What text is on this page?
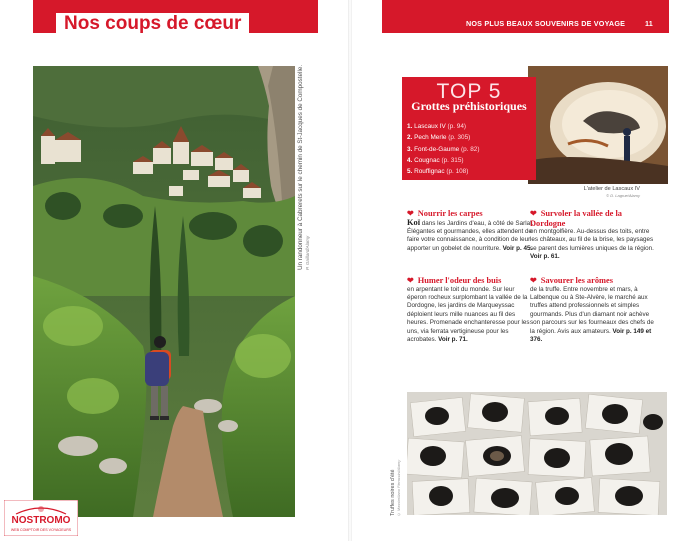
Nos coups de cœur
Un randonneur à Cabrerets sur le chemin de St-Jacques de Compostelle.
P. Gaillard/Alamy
NOSTROMO
WEB COMPTOIR DES VOYAGEURS
NOS PLUS BEAUX SOUVENIRS DE VOYAGE	11
TOP 5
Grottes préhistoriques
1. Lascaux IV (p. 94)
2. Pech Merle (p. 305)
3. Font-de-Gaume (p. 82)
4. Cougnac (p. 315)
5. Rouffignac (p. 108)
L'atelier de Lascaux IV
© D. Lagrue/Alamy
❤ Nourrir les carpes
Koï dans les Jardins d'eau, à côté de Sarlat. Élégantes et gourmandes, elles attendent de faire votre connaissance, à condition de leur apporter un gobelet de nourriture. Voir p. 45.
❤ Survoler la vallée de la Dordogne
en montgolfière. Au-dessus des toits, entre les châteaux, au fil de la brise, les paysages se parent des lumières uniques de la région. Voir p. 61.
❤ Humer l'odeur des buis
en arpentant le toit du monde. Sur leur éperon rocheux surplombant la vallée de la Dordogne, les jardins de Marqueyssac déploient leurs mille nuances au fil des heures. Promenade enchanteresse pour les uns, via ferrata vertigineuse pour les acrobates. Voir p. 71.
❤ Savourer les arômes
de la truffe. Entre novembre et mars, à Lalbenque ou à Ste-Alvère, le marché aux truffes attend professionnels et simples gourmands. Plus d'un diamant noir achève son parcours sur les fourneaux des chefs de la région. Avis aux amateurs. Voir p. 149 et 376.
Truffes noires d'été
© Massimiliano Pieraccini/Alamy
